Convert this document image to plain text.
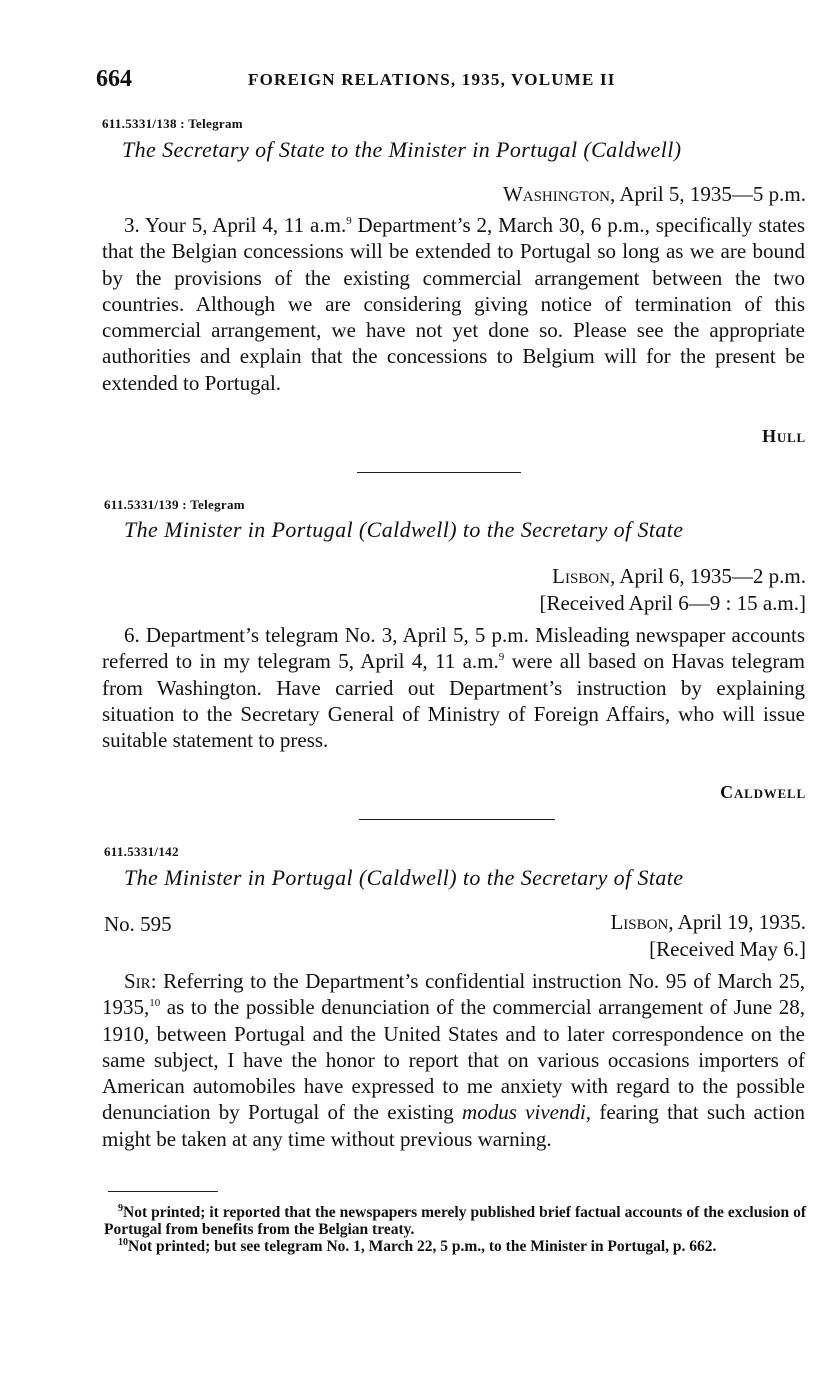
664	FOREIGN RELATIONS, 1935, VOLUME II
611.5331/138 : Telegram
The Secretary of State to the Minister in Portugal (Caldwell)
Washington, April 5, 1935—5 p.m.
3. Your 5, April 4, 11 a.m.$^9$ Department’s 2, March 30, 6 p.m., specifically states that the Belgian concessions will be extended to Portugal so long as we are bound by the provisions of the existing commercial arrangement between the two countries. Although we are considering giving notice of termination of this commercial arrangement, we have not yet done so. Please see the appropriate authorities and explain that the concessions to Belgium will for the present be extended to Portugal.
Hull
611.5331/139 : Telegram
The Minister in Portugal (Caldwell) to the Secretary of State
Lisbon, April 6, 1935—2 p.m.
[Received April 6—9 : 15 a.m.]
6. Department’s telegram No. 3, April 5, 5 p.m. Misleading newspaper accounts referred to in my telegram 5, April 4, 11 a.m.$^9$ were all based on Havas telegram from Washington. Have carried out Department’s instruction by explaining situation to the Secretary General of Ministry of Foreign Affairs, who will issue suitable statement to press.
Caldwell
611.5331/142
The Minister in Portugal (Caldwell) to the Secretary of State
No. 595	Lisbon, April 19, 1935.
[Received May 6.]
Sir: Referring to the Department’s confidential instruction No. 95 of March 25, 1935,10 as to the possible denunciation of the commercial arrangement of June 28, 1910, between Portugal and the United States and to later correspondence on the same subject, I have the honor to report that on various occasions importers of American automobiles have expressed to me anxiety with regard to the possible denunciation by Portugal of the existing modus vivendi, fearing that such action might be taken at any time without previous warning.

$^9$Not printed; it reported that the newspapers merely published brief factual accounts of the exclusion of Portugal from benefits from the Belgian treaty.

$^{10}$Not printed; but see telegram No. 1, March 22, 5 p.m., to the Minister in Portugal, p. 662.
